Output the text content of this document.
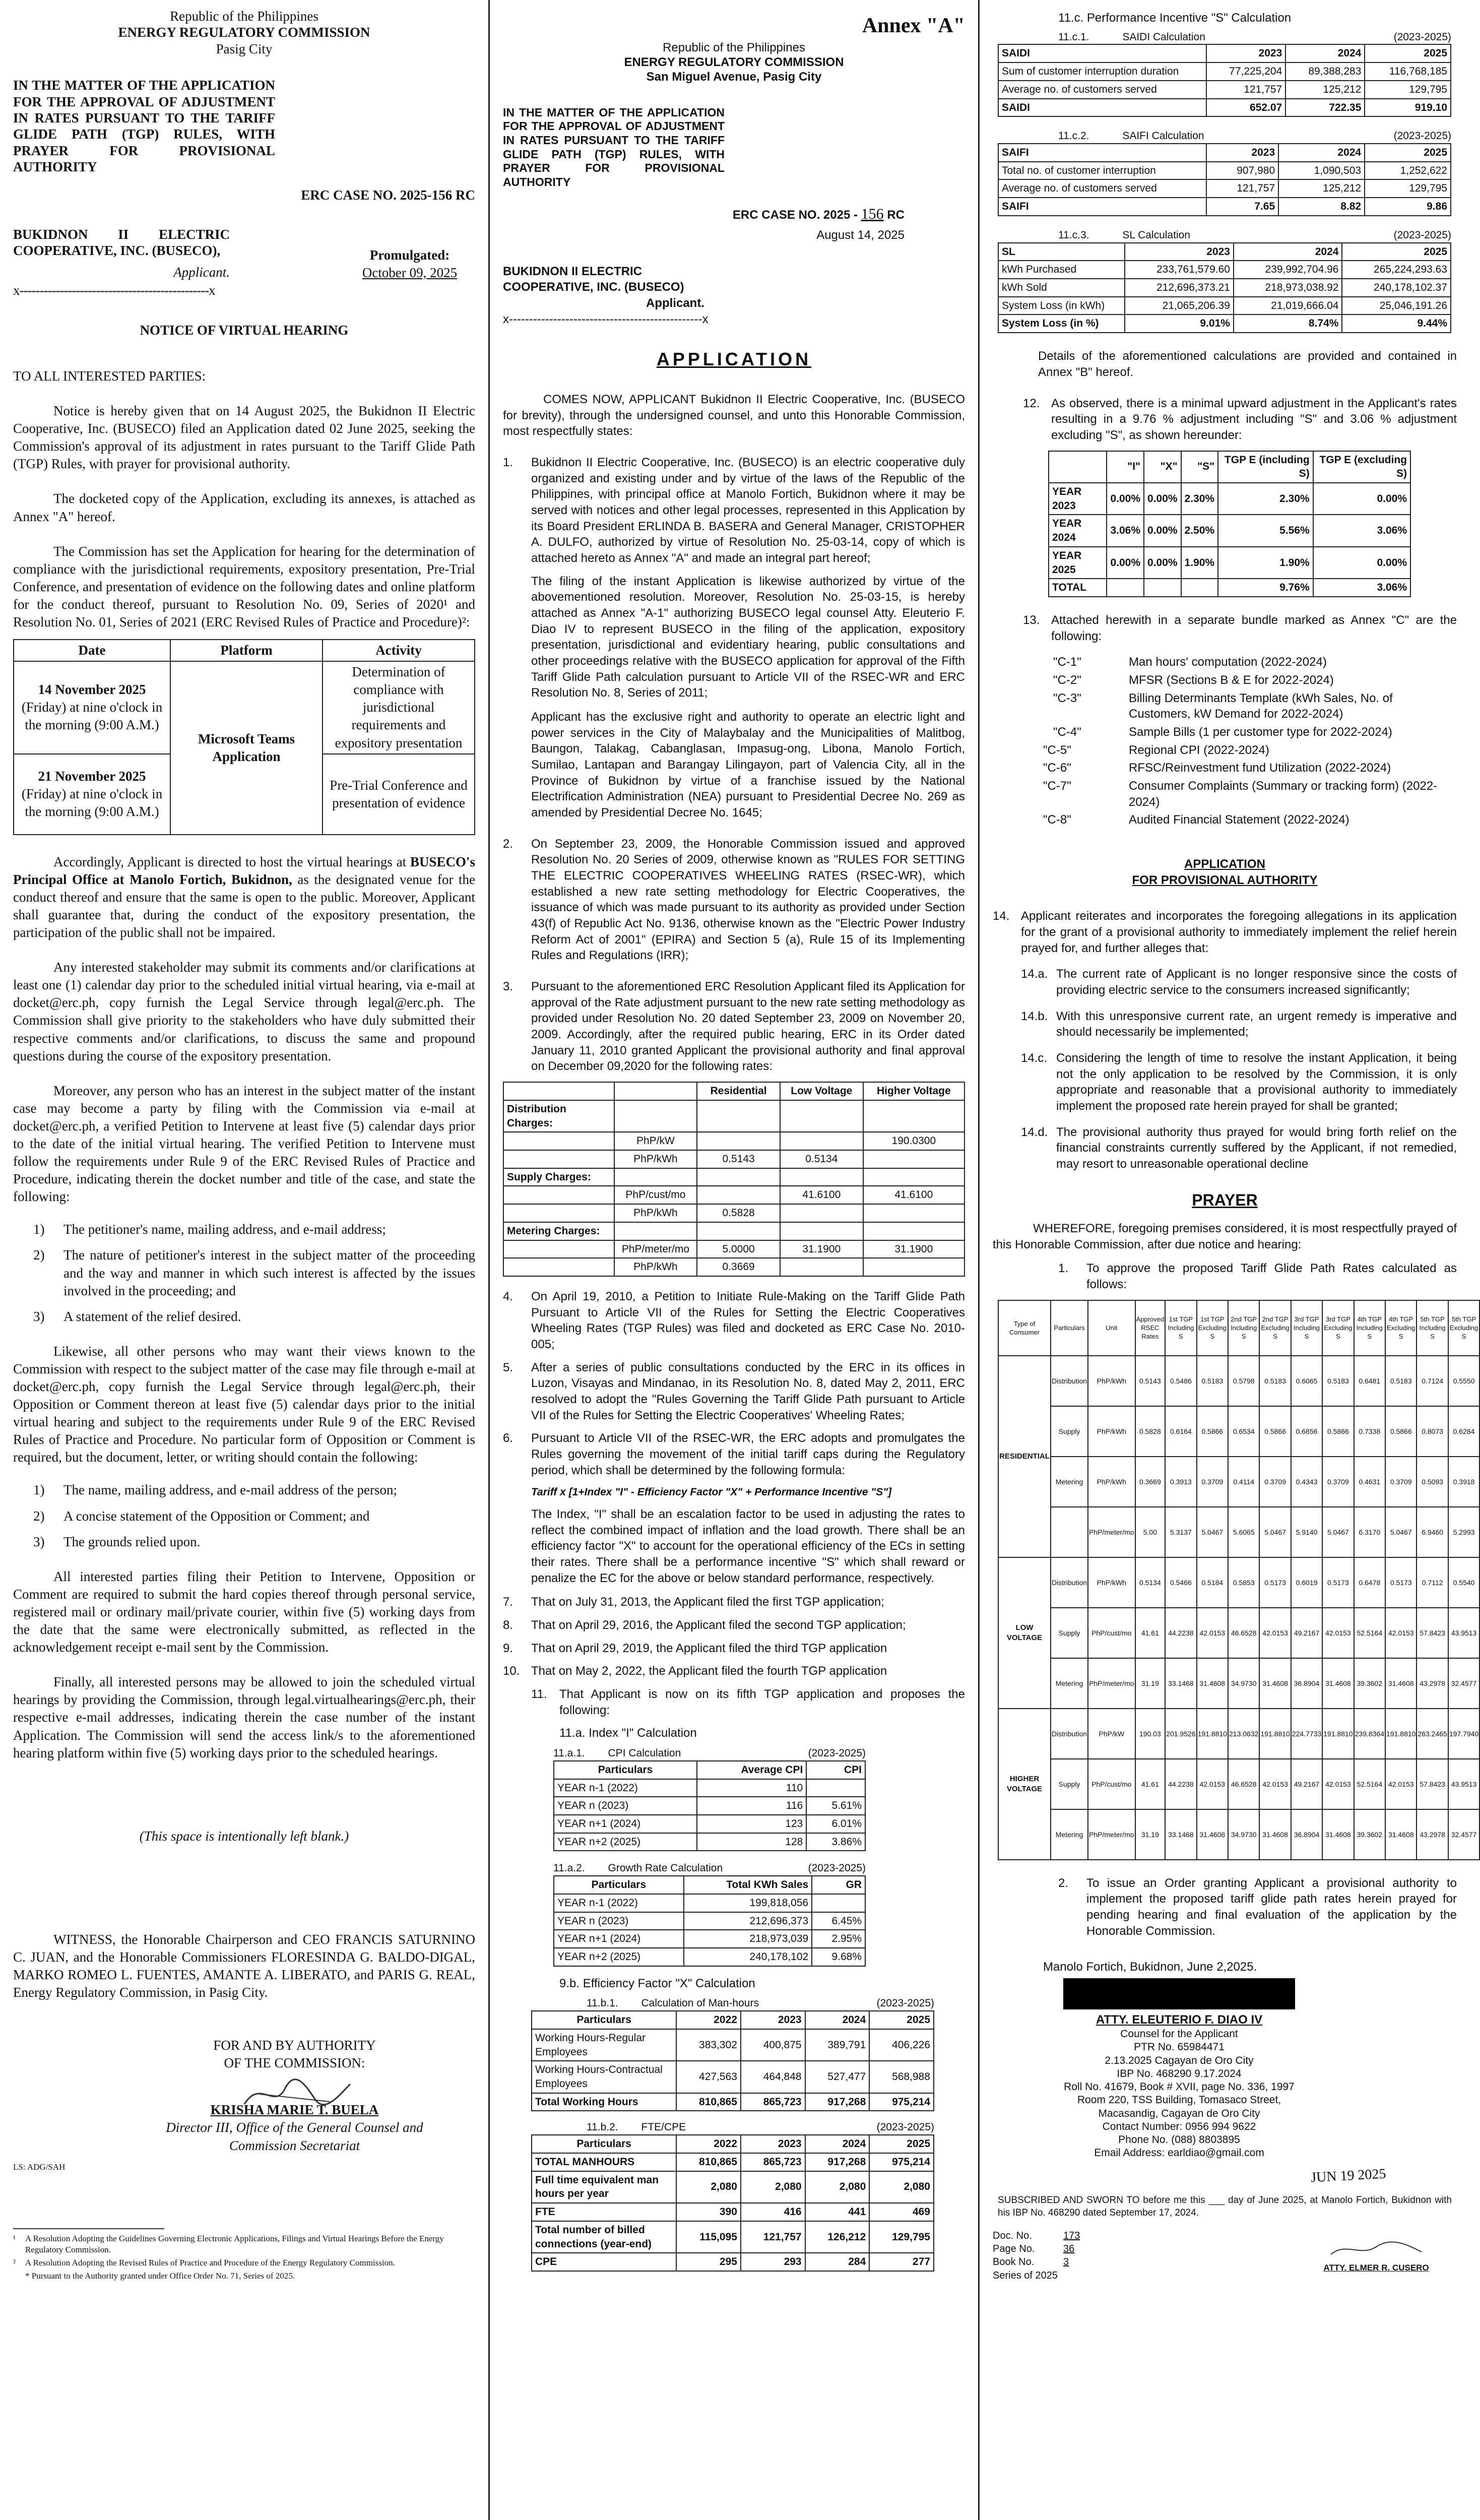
Republic of the Philippines
ENERGY REGULATORY COMMISSION
Pasig City
IN THE MATTER OF THE APPLICATION FOR THE APPROVAL OF ADJUSTMENT IN RATES PURSUANT TO THE TARIFF GLIDE PATH (TGP) RULES, WITH PRAYER FOR PROVISIONAL AUTHORITY
ERC CASE NO. 2025-156 RC
BUKIDNON II ELECTRIC COOPERATIVE, INC. (BUSECO),
Applicant.
Promulgated:
October 09, 2025
x-----------------------------------------------x
NOTICE OF VIRTUAL HEARING

TO ALL INTERESTED PARTIES:

Notice is hereby given that on 14 August 2025, the Bukidnon II Electric Cooperative, Inc. (BUSECO) filed an Application dated 02 June 2025, seeking the Commission's approval of its adjustment in rates pursuant to the Tariff Glide Path (TGP) Rules, with prayer for provisional authority.

The docketed copy of the Application, excluding its annexes, is attached as Annex "A" hereof.

The Commission has set the Application for hearing for the determination of compliance with the jurisdictional requirements, expository presentation, Pre-Trial Conference, and presentation of evidence on the following dates and online platform for the conduct thereof, pursuant to Resolution No. 09, Series of 2020¹ and Resolution No. 01, Series of 2021 (ERC Revised Rules of Practice and Procedure)²:

Date	Platform	Activity

14 November 2025
(Friday) at nine o'clock in the morning (9:00 A.M.)	Microsoft Teams Application	Determination of compliance with jurisdictional requirements and expository presentation

21 November 2025
(Friday) at nine o'clock in the morning (9:00 A.M.)		Pre-Trial Conference and presentation of evidence

Accordingly, Applicant is directed to host the virtual hearings at BUSECO's Principal Office at Manolo Fortich, Bukidnon, as the designated venue for the conduct thereof and ensure that the same is open to the public. Moreover, Applicant shall guarantee that, during the conduct of the expository presentation, the participation of the public shall not be impaired.

Any interested stakeholder may submit its comments and/or clarifications at least one (1) calendar day prior to the scheduled initial virtual hearing, via e-mail at docket@erc.ph, copy furnish the Legal Service through legal@erc.ph. The Commission shall give priority to the stakeholders who have duly submitted their respective comments and/or clarifications, to discuss the same and propound questions during the course of the expository presentation.

Moreover, any person who has an interest in the subject matter of the instant case may become a party by filing with the Commission via e-mail at docket@erc.ph, a verified Petition to Intervene at least five (5) calendar days prior to the date of the initial virtual hearing. The verified Petition to Intervene must follow the requirements under Rule 9 of the ERC Revised Rules of Practice and Procedure, indicating therein the docket number and title of the case, and state the following:

1)	The petitioner's name, mailing address, and e-mail address;
2)	The nature of petitioner's interest in the subject matter of the proceeding and the way and manner in which such interest is affected by the issues involved in the proceeding; and
3)	A statement of the relief desired.

Likewise, all other persons who may want their views known to the Commission with respect to the subject matter of the case may file through e-mail at docket@erc.ph, copy furnish the Legal Service through legal@erc.ph, their Opposition or Comment thereon at least five (5) calendar days prior to the initial virtual hearing and subject to the requirements under Rule 9 of the ERC Revised Rules of Practice and Procedure. No particular form of Opposition or Comment is required, but the document, letter, or writing should contain the following:

1)	The name, mailing address, and e-mail address of the person;
2)	A concise statement of the Opposition or Comment; and
3)	The grounds relied upon.

All interested parties filing their Petition to Intervene, Opposition or Comment are required to submit the hard copies thereof through personal service, registered mail or ordinary mail/private courier, within five (5) working days from the date that the same were electronically submitted, as reflected in the acknowledgement receipt e-mail sent by the Commission.

Finally, all interested persons may be allowed to join the scheduled virtual hearings by providing the Commission, through legal.virtualhearings@erc.ph, their respective e-mail addresses, indicating therein the case number of the instant Application. The Commission will send the access link/s to the aforementioned hearing platform within five (5) working days prior to the scheduled hearings.

(This space is intentionally left blank.)

WITNESS, the Honorable Chairperson and CEO FRANCIS SATURNINO C. JUAN, and the Honorable Commissioners FLORESINDA G. BALDO-DIGAL, MARKO ROMEO L. FUENTES, AMANTE A. LIBERATO, and PARIS G. REAL, Energy Regulatory Commission, in Pasig City.

FOR AND BY AUTHORITY
OF THE COMMISSION:
KRISHA MARIE T. BUELA
Director III, Office of the General Counsel and
Commission Secretariat
LS: ADG/SAH
¹	A Resolution Adopting the Guidelines Governing Electronic Applications, Filings and Virtual Hearings Before the Energy Regulatory Commission.
²	A Resolution Adopting the Revised Rules of Practice and Procedure of the Energy Regulatory Commission.
* Pursuant to the Authority granted under Office Order No. 71, Series of 2025.
Annex "A"
Republic of the Philippines
ENERGY REGULATORY COMMISSION
San Miguel Avenue, Pasig City
IN THE MATTER OF THE APPLICATION FOR THE APPROVAL OF ADJUSTMENT IN RATES PURSUANT TO THE TARIFF GLIDE PATH (TGP) RULES, WITH PRAYER FOR PROVISIONAL AUTHORITY
ERC CASE NO. 2025 - 156 RC
August 14, 2025
BUKIDNON II ELECTRIC COOPERATIVE, INC. (BUSECO)
Applicant.
x------------------------------------------------x
APPLICATION

COMES NOW, APPLICANT Bukidnon II Electric Cooperative, Inc. (BUSECO for brevity), through the undersigned counsel, and unto this Honorable Commission, most respectfully states:

1.	Bukidnon II Electric Cooperative, Inc. (BUSECO) is an electric cooperative duly organized and existing under and by virtue of the laws of the Republic of the Philippines, with principal office at Manolo Fortich, Bukidnon where it may be served with notices and other legal processes, represented in this Application by its Board President ERLINDA B. BASERA and General Manager, CRISTOPHER A. DULFO, authorized by virtue of Resolution No. 25-03-14, copy of which is attached hereto as Annex "A" and made an integral part hereof;

The filing of the instant Application is likewise authorized by virtue of the abovementioned resolution. Moreover, Resolution No. 25-03-15, is hereby attached as Annex "A-1" authorizing BUSECO legal counsel Atty. Eleuterio F. Diao IV to represent BUSECO in the filing of the application, expository presentation, jurisdictional and evidentiary hearing, public consultations and other proceedings relative with the BUSECO application for approval of the Fifth Tariff Glide Path calculation pursuant to Article VII of the RSEC-WR and ERC Resolution No. 8, Series of 2011;

Applicant has the exclusive right and authority to operate an electric light and power services in the City of Malaybalay and the Municipalities of Malitbog, Baungon, Talakag, Cabanglasan, Impasug-ong, Libona, Manolo Fortich, Sumilao, Lantapan and Barangay Lilingayon, part of Valencia City, all in the Province of Bukidnon by virtue of a franchise issued by the National Electrification Administration (NEA) pursuant to Presidential Decree No. 269 as amended by Presidential Decree No. 1645;

2.	On September 23, 2009, the Honorable Commission issued and approved Resolution No. 20 Series of 2009, otherwise known as "RULES FOR SETTING THE ELECTRIC COOPERATIVES WHEELING RATES (RSEC-WR), which established a new rate setting methodology for Electric Cooperatives, the issuance of which was made pursuant to its authority as provided under Section 43(f) of Republic Act No. 9136, otherwise known as the "Electric Power Industry Reform Act of 2001" (EPIRA) and Section 5 (a), Rule 15 of its Implementing Rules and Regulations (IRR);
3.	Pursuant to the aforementioned ERC Resolution Applicant filed its Application for approval of the Rate adjustment pursuant to the new rate setting methodology as provided under Resolution No. 20 dated September 23, 2009 on November 20, 2009. Accordingly, after the required public hearing, ERC in its Order dated January 11, 2010 granted Applicant the provisional authority and final approval on December 09,2020 for the following rates:
		Residential	Low Voltage	Higher Voltage
Distribution Charges:				
	PhP/kW			190.0300
	PhP/kWh	0.5143	0.5134	
Supply Charges:				
	PhP/cust/mo		41.6100	41.6100
	PhP/kWh	0.5828		
Metering Charges:				
	PhP/meter/mo	5.0000	31.1900	31.1900
	PhP/kWh	0.3669		
4.	On April 19, 2010, a Petition to Initiate Rule-Making on the Tariff Glide Path Pursuant to Article VII of the Rules for Setting the Electric Cooperatives Wheeling Rates (TGP Rules) was filed and docketed as ERC Case No. 2010-005;
5.	After a series of public consultations conducted by the ERC in its offices in Luzon, Visayas and Mindanao, in its Resolution No. 8, dated May 2, 2011, ERC resolved to adopt the "Rules Governing the Tariff Glide Path pursuant to Article VII of the Rules for Setting the Electric Cooperatives' Wheeling Rates;
6.	Pursuant to Article VII of the RSEC-WR, the ERC adopts and promulgates the Rules governing the movement of the initial tariff caps during the Regulatory period, which shall be determined by the following formula:
Tariff x [1+Index "I" - Efficiency Factor "X" + Performance Incentive "S"]

The Index, "I" shall be an escalation factor to be used in adjusting the rates to reflect the combined impact of inflation and the load growth. There shall be an efficiency factor "X" to account for the operational efficiency of the ECs in setting their rates. There shall be a performance incentive "S" which shall reward or penalize the EC for the above or below standard performance, respectively.

7.	That on July 31, 2013, the Applicant filed the first TGP application;
8.	That on April 29, 2016, the Applicant filed the second TGP application;
9.	That on April 29, 2019, the Applicant filed the third TGP application
10. That on May 2, 2022, the Applicant filed the fourth TGP application
11.	That Applicant is now on its fifth TGP application and proposes the following:
11.a. Index "I" Calculation
11.a.1. CPI Calculation	(2023-2025)
Particulars	Average CPI	CPI
YEAR n-1 (2022)	110	
YEAR n (2023)	116	5.61%
YEAR n+1 (2024)	123	6.01%
YEAR n+2 (2025)	128	3.86%
11.a.2. Growth Rate Calculation	(2023-2025)
Particulars	Total KWh Sales	GR
YEAR n-1 (2022)	199,818,056	
YEAR n (2023)	212,696,373	6.45%
YEAR n+1 (2024)	218,973,039	2.95%
YEAR n+2 (2025)	240,178,102	9.68%
9.b. Efficiency Factor "X" Calculation
11.b.1. Calculation of Man-hours	(2023-2025)
Particulars	2022	2023	2024	2025
Working Hours-Regular Employees	383,302	400,875	389,791	406,226
Working Hours-Contractual Employees	427,563	464,848	527,477	568,988
Total Working Hours	810,865	865,723	917,268	975,214
11.b.2. FTE/CPE	(2023-2025)
Particulars	2022	2023	2024	2025
TOTAL MANHOURS	810,865	865,723	917,268	975,214
Full time equivalent man hours per year	2,080	2,080	2,080	2,080
FTE	390	416	441	469
Total number of billed connections (year-end)	115,095	121,757	126,212	129,795
CPE	295	293	284	277
11.c. Performance Incentive "S" Calculation
11.c.1.	SAIDI Calculation	(2023-2025)
SAIDI	2023	2024	2025
Sum of customer interruption duration	77,225,204	89,388,283	116,768,185
Average no. of customers served	121,757	125,212	129,795
SAIDI	652.07	722.35	919.10
11.c.2.	SAIFI Calculation	(2023-2025)
SAIFI	2023	2024	2025
Total no. of customer interruption	907,980	1,090,503	1,252,622
Average no. of customers served	121,757	125,212	129,795
SAIFI	7.65	8.82	9.86
11.c.3.	SL Calculation	(2023-2025)
SL	2023	2024	2025
kWh Purchased	233,761,579.60	239,992,704.96	265,224,293.63
kWh Sold	212,696,373.21	218,973,038.92	240,178,102.37
System Loss (in kWh)	21,065,206.39	21,019,666.04	25,046,191.26
System Loss (in %)	9.01%	8.74%	9.44%

Details of the aforementioned calculations are provided and contained in Annex "B" hereof.

12. As observed, there is a minimal upward adjustment in the Applicant's rates resulting in a 9.76 % adjustment including "S" and 3.06 % adjustment excluding "S", as shown hereunder:
	"I"	"X"	"S"	TGP E (including S)	TGP E (excluding S)
YEAR 2023	0.00%	0.00%	2.30%	2.30%	0.00%
YEAR 2024	3.06%	0.00%	2.50%	5.56%	3.06%
YEAR 2025	0.00%	0.00%	1.90%	1.90%	0.00%
TOTAL				9.76%	3.06%
13. Attached herewith in a separate bundle marked as Annex "C" are the following:
"C-1"	Man hours' computation (2022-2024)
"C-2"	MFSR (Sections B & E for 2022-2024)
"C-3"	Billing Determinants Template (kWh Sales, No. of Customers, kW Demand for 2022-2024)
"C-4"	Sample Bills (1 per customer type for 2022-2024)
"C-5"	Regional CPI (2022-2024)
"C-6"	RFSC/Reinvestment fund Utilization (2022-2024)
"C-7"	Consumer Complaints (Summary or tracking form) (2022-2024)
"C-8"	Audited Financial Statement (2022-2024)
APPLICATION
FOR PROVISIONAL AUTHORITY
14. Applicant reiterates and incorporates the foregoing allegations in its application for the grant of a provisional authority to immediately implement the relief herein prayed for, and further alleges that:
14.a. The current rate of Applicant is no longer responsive since the costs of providing electric service to the consumers increased significantly;
14.b. With this unresponsive current rate, an urgent remedy is imperative and should necessarily be implemented;
14.c. Considering the length of time to resolve the instant Application, it being not the only application to be resolved by the Commission, it is only appropriate and reasonable that a provisional authority to immediately implement the proposed rate herein prayed for shall be granted;
14.d. The provisional authority thus prayed for would bring forth relief on the financial constraints currently suffered by the Applicant, if not remedied, may resort to unreasonable operational decline
PRAYER

WHEREFORE, foregoing premises considered, it is most respectfully prayed of this Honorable Commission, after due notice and hearing:

1.	To approve the proposed Tariff Glide Path Rates calculated as follows:
Type of Consumer	Particulars	Unit	Approved RSEC Rates	1st TGP Including S	1st TGP Excluding S	2nd TGP Including S	2nd TGP Excluding S	3rd TGP Including S	3rd TGP Excluding S	4th TGP Including S	4th TGP Excluding S	5th TGP Including S	5th TGP Excluding S
RESIDENTIAL	Distribution	PhP/kWh	0.5143	0.5486	0.5183	0.5798	0.5183	0.6065	0.5183	0.6481	0.5183	0.7124	0.5550
	Supply	PhP/kWh	0.5828	0.6164	0.5866	0.6534	0.5866	0.6856	0.5866	0.7338	0.5866	0.8073	0.6284
	Metering	PhP/kWh	0.3669	0.3913	0.3709	0.4114	0.3709	0.4343	0.3709	0.4631	0.3709	0.5093	0.3918
		PhP/meter/mo	5.00	5.3137	5.0467	5.6065	5.0467	5.9140	5.0467	6.3170	5.0467	6.9460	5.2993
LOW VOLTAGE	Distribution	PhP/kWh	0.5134	0.5466	0.5184	0.5853	0.5173	0.6019	0.5173	0.6478	0.5173	0.7112	0.5540
	Supply	PhP/cust/mo	41.61	44.2238	42.0153	46.6528	42.0153	49.2167	42.0153	52.5164	42.0153	57.8423	43.9513
	Metering	PhP/meter/mo	31.19	33.1468	31.4608	34.9730	31.4608	36.8904	31.4608	39.3602	31.4608	43.2978	32.4577
HIGHER VOLTAGE	Distribution	PhP/kW	190.03	201.9526	191.8810	213.0632	191.8810	224.7733	191.8810	239.8364	191.8810	263.2465	197.7940
	Supply	PhP/cust/mo	41.61	44.2238	42.0153	46.6528	42.0153	49.2167	42.0153	52.5164	42.0153	57.8423	43.9513
	Metering	PhP/meter/mo	31.19	33.1468	31.4608	34.9730	31.4608	36.8904	31.4608	39.3602	31.4608	43.2978	32.4577
2.	To issue an Order granting Applicant a provisional authority to implement the proposed tariff glide path rates herein prayed for pending hearing and final evaluation of the application by the Honorable Commission.
Manolo Fortich, Bukidnon, June 2,2025.
ATTY. ELEUTERIO F. DIAO IV
Counsel for the Applicant
PTR No. 65984471
2.13.2025 Cagayan de Oro City
IBP No. 468290 9.17.2024
Roll No. 41679, Book # XVII, page No. 336, 1997
Room 220, TSS Building, Tomasaco Street,
Macasandig, Cagayan de Oro City
Contact Number: 0956 994 9622
Phone No. (088) 8803895
Email Address: earldiao@gmail.com
JUN 19 2025

SUBSCRIBED AND SWORN TO before me this ___ day of June 2025, at Manolo Fortich, Bukidnon with his IBP No. 468290 dated September 17, 2024.

Doc. No.	173
Page No.	36
Book No.	3
Series of 2025
ATTY. ELMER R. CUSERO
